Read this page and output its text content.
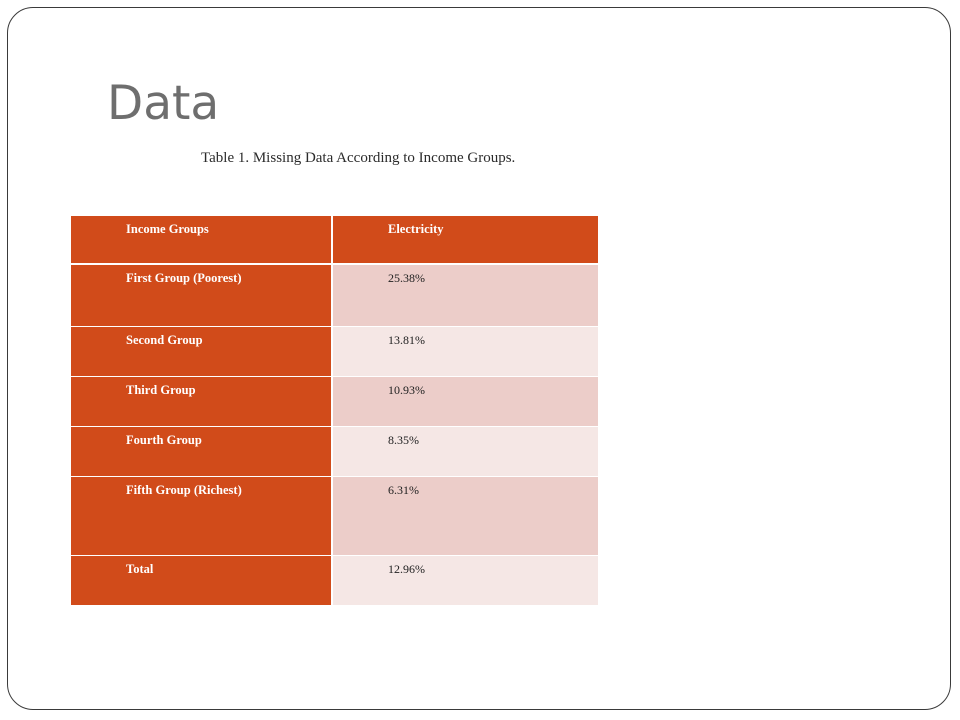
Data
Table 1. Missing Data According to Income Groups.
Income Groups	Electricity
First Group (Poorest)	25.38%
Second Group	13.81%
Third Group	10.93%
Fourth Group	8.35%
Fifth Group (Richest)	6.31%
Total	12.96%
